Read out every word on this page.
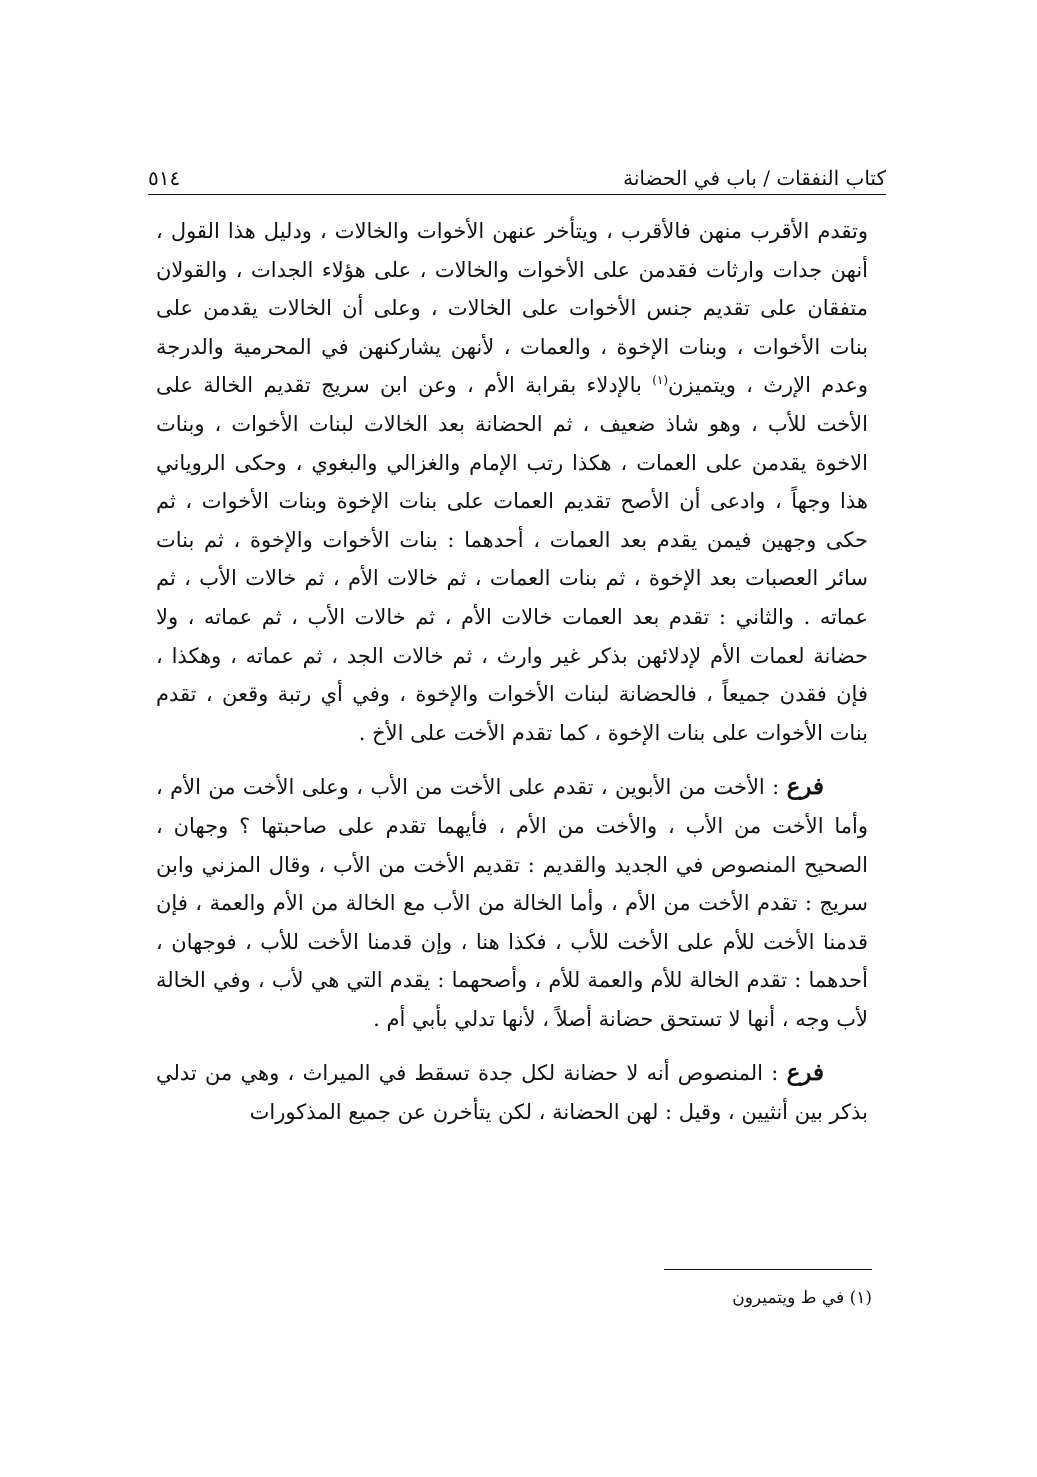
كتاب النفقات / باب في الحضانة
٥١٤

وتقدم الأقرب منهن فالأقرب ، ويتأخر عنهن الأخوات والخالات ، ودليل هذا القول ، أنهن جدات وارثات فقدمن على الأخوات والخالات ، على هؤلاء الجدات ، والقولان متفقان على تقديم جنس الأخوات على الخالات ، وعلى أن الخالات يقدمن على بنات الأخوات ، وبنات الإخوة ، والعمات ، لأنهن يشاركنهن في المحرمية والدرجة وعدم الإرث ، ويتميزن$^{(١)}$ بالإدلاء بقرابة الأم ، وعن ابن سريج تقديم الخالة على الأخت للأب ، وهو شاذ ضعيف ، ثم الحضانة بعد الخالات لبنات الأخوات ، وبنات الاخوة يقدمن على العمات ، هكذا رتب الإمام والغزالي والبغوي ، وحكى الروياني هذا وجهاً ، وادعى أن الأصح تقديم العمات على بنات الإخوة وبنات الأخوات ، ثم حكى وجهين فيمن يقدم بعد العمات ، أحدهما : بنات الأخوات والإخوة ، ثم بنات سائر العصبات بعد الإخوة ، ثم بنات العمات ، ثم خالات الأم ، ثم خالات الأب ، ثم عماته . والثاني : تقدم بعد العمات خالات الأم ، ثم خالات الأب ، ثم عماته ، ولا حضانة لعمات الأم لإدلائهن بذكر غير وارث ، ثم خالات الجد ، ثم عماته ، وهكذا ، فإن فقدن جميعاً ، فالحضانة لبنات الأخوات والإخوة ، وفي أي رتبة وقعن ، تقدم بنات الأخوات على بنات الإخوة ، كما تقدم الأخت على الأخ .

فرع : الأخت من الأبوين ، تقدم على الأخت من الأب ، وعلى الأخت من الأم ، وأما الأخت من الأب ، والأخت من الأم ، فأيهما تقدم على صاحبتها ؟ وجهان ، الصحيح المنصوص في الجديد والقديم : تقديم الأخت من الأب ، وقال المزني وابن سريج : تقدم الأخت من الأم ، وأما الخالة من الأب مع الخالة من الأم والعمة ، فإن قدمنا الأخت للأم على الأخت للأب ، فكذا هنا ، وإن قدمنا الأخت للأب ، فوجهان ، أحدهما : تقدم الخالة للأم والعمة للأم ، وأصحهما : يقدم التي هي لأب ، وفي الخالة لأب وجه ، أنها لا تستحق حضانة أصلاً ، لأنها تدلي بأبي أم .

فرع : المنصوص أنه لا حضانة لكل جدة تسقط في الميراث ، وهي من تدلي بذكر بين أنثيين ، وقيل : لهن الحضانة ، لكن يتأخرن عن جميع المذكورات

(١) في ط ويتميرون
